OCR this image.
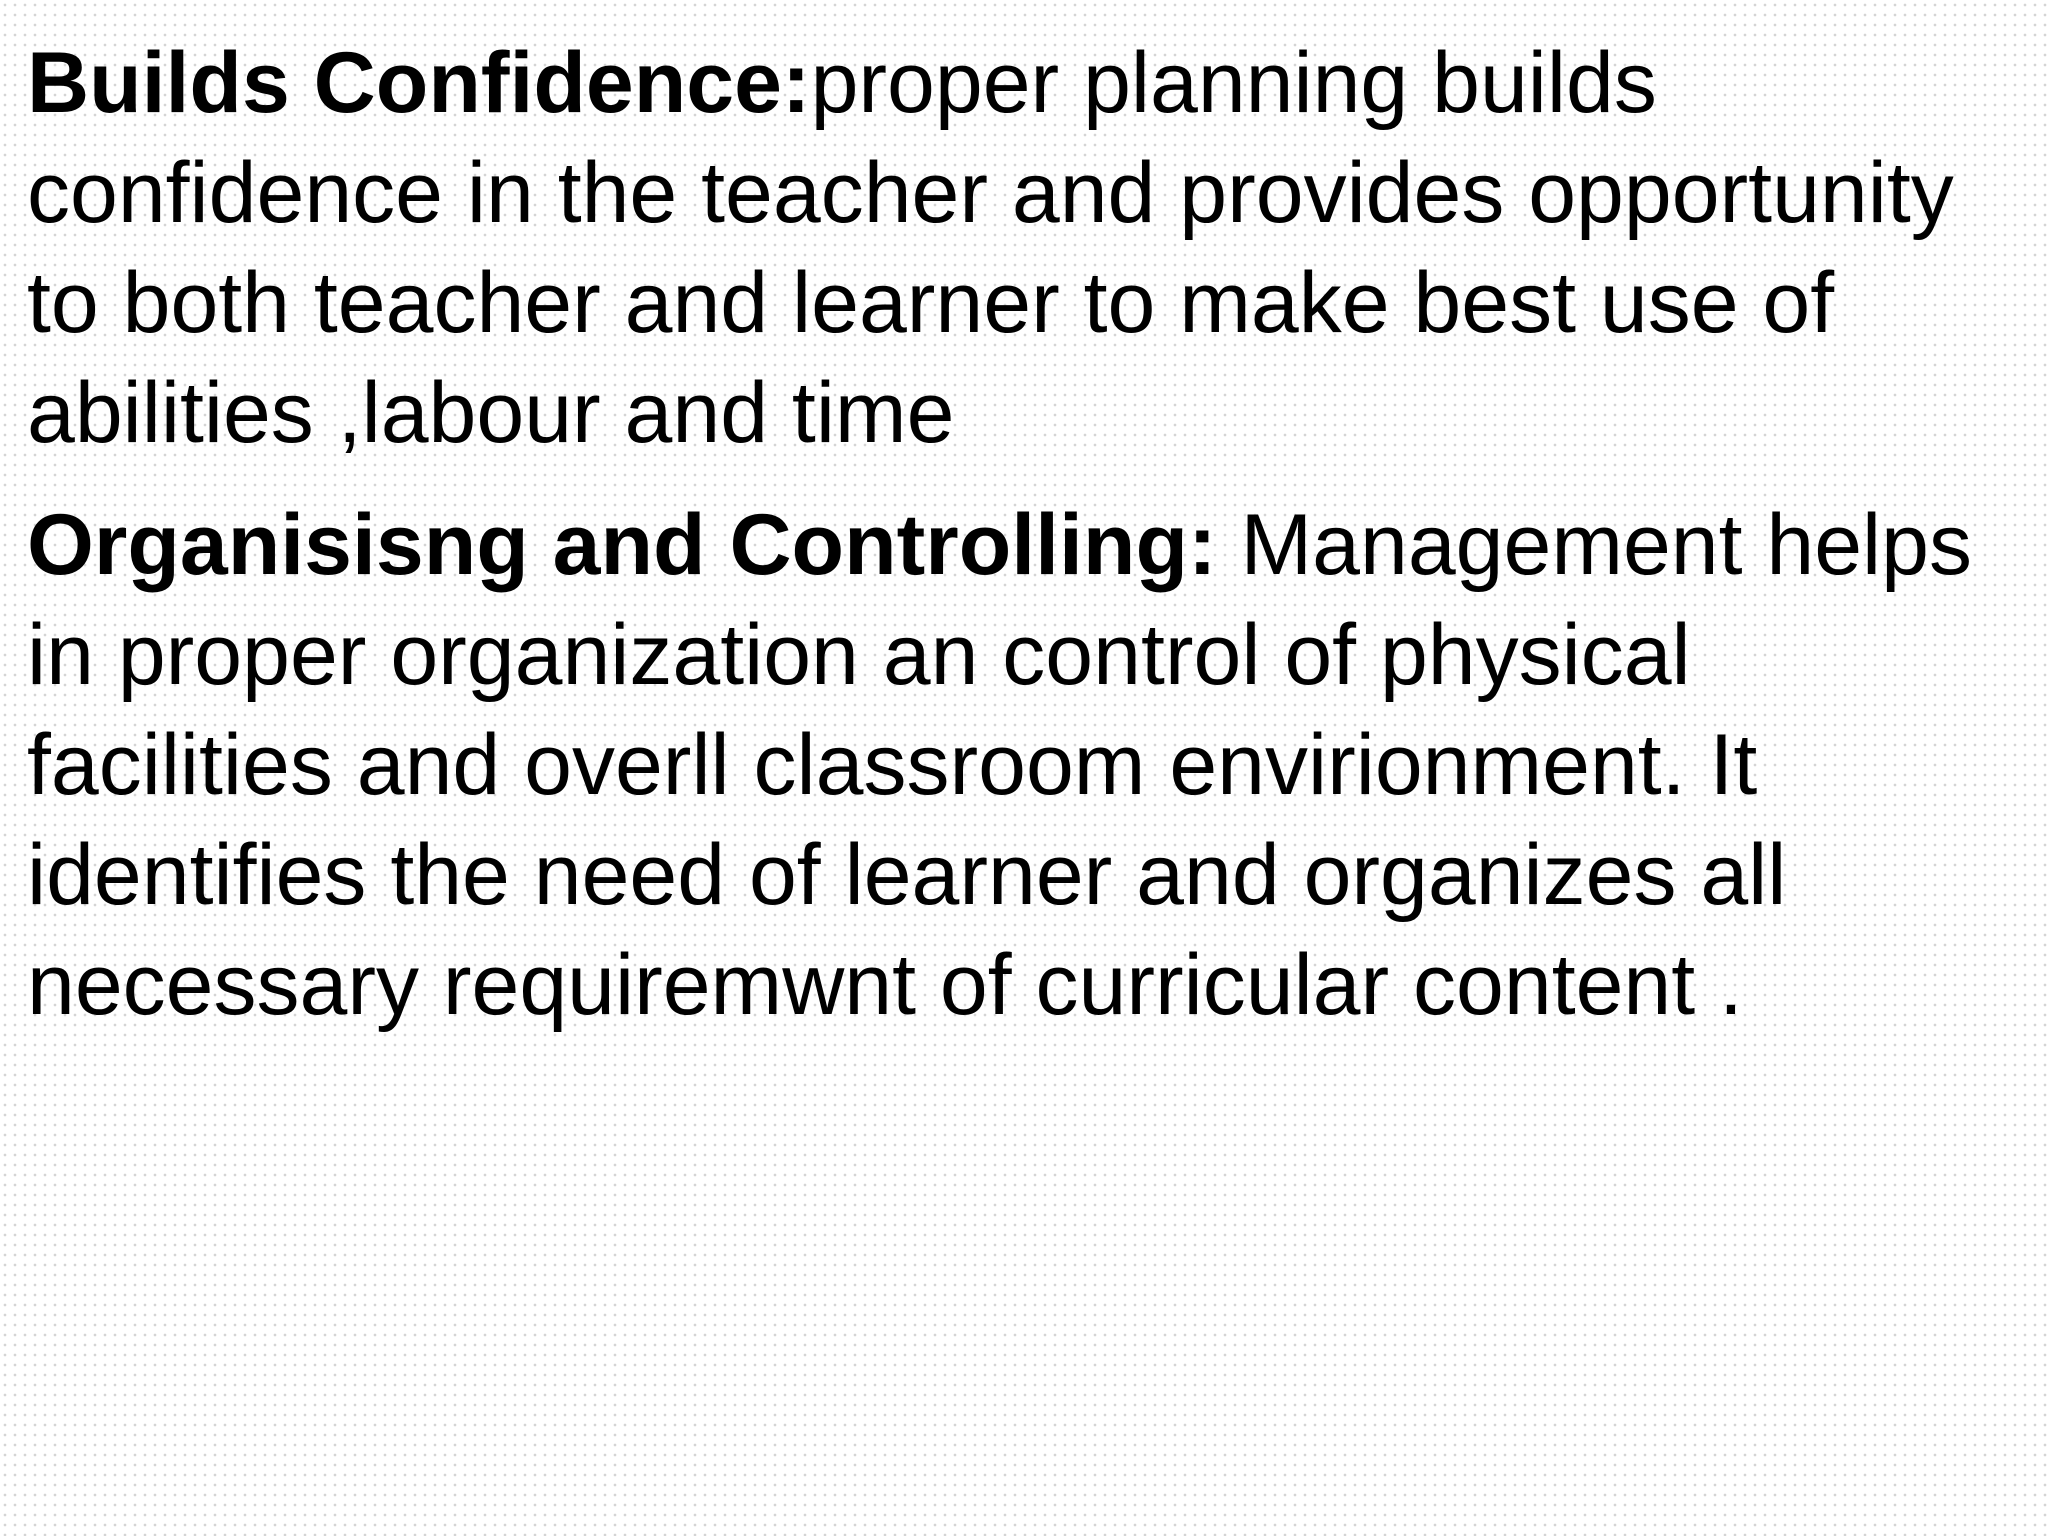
Builds Confidence:proper planning builds confidence in the teacher and provides opportunity to both teacher and learner to make best use of abilities ,labour and time

Organisisng and Controlling: Management helps in proper organization an control of physical facilities and overll classroom envirionment. It identifies the need of learner and organizes all necessary requiremwnt of curricular content .
